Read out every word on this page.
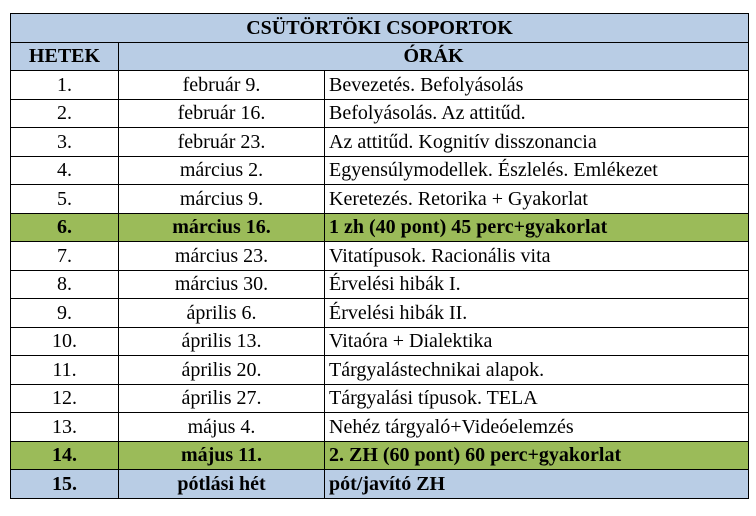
CSÜTÖRTÖKI CSOPORTOK		
HETEK	ÓRÁK	
1.	február 9.	Bevezetés. Befolyásolás
2.	február 16.	Befolyásolás. Az attitűd.
3.	február 23.	Az attitűd. Kognitív disszonancia
4.	március 2.	Egyensúlymodellek. Észlelés. Emlékezet
5.	március 9.	Keretezés. Retorika + Gyakorlat
6.	március 16.	1 zh (40 pont) 45 perc+gyakorlat
7.	március 23.	Vitatípusok. Racionális vita
8.	március 30.	Érvelési hibák I.
9.	április 6.	Érvelési hibák II.
10.	április 13.	Vitaóra + Dialektika
11.	április 20.	Tárgyalástechnikai alapok.
12.	április 27.	Tárgyalási típusok. TELA
13.	május 4.	Nehéz tárgyaló+Videóelemzés
14.	május 11.	2. ZH (60 pont) 60 perc+gyakorlat
15.	pótlási hét	pót/javító ZH
